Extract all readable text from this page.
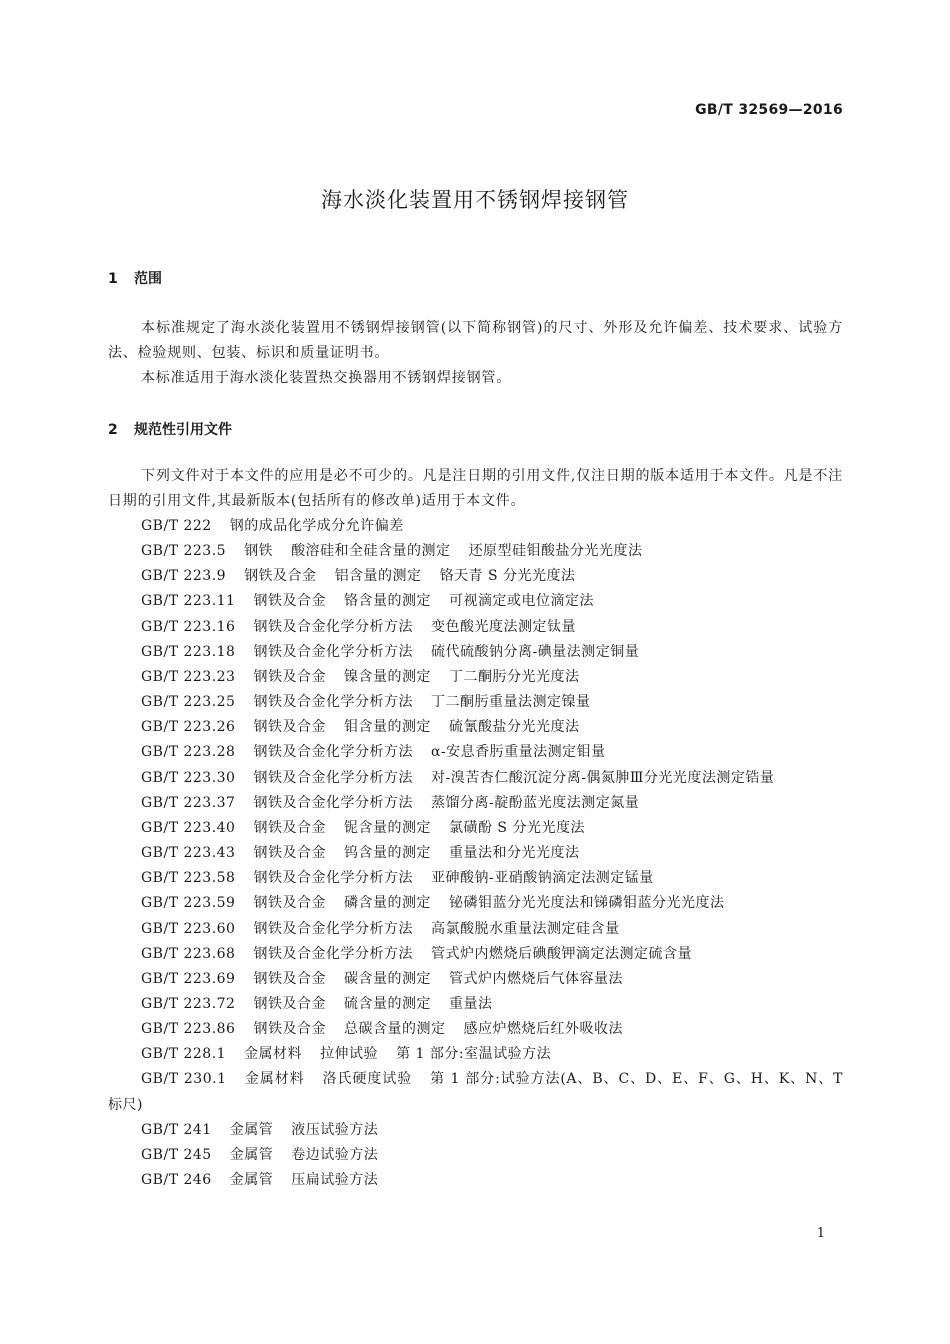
GB/T 32569—2016
海水淡化装置用不锈钢焊接钢管
1 范围

本标准规定了海水淡化装置用不锈钢焊接钢管(以下简称钢管)的尺寸、外形及允许偏差、技术要求、试验方法、检验规则、包装、标识和质量证明书。

本标准适用于海水淡化装置热交换器用不锈钢焊接钢管。

2 规范性引用文件

下列文件对于本文件的应用是必不可少的。凡是注日期的引用文件,仅注日期的版本适用于本文件。凡是不注日期的引用文件,其最新版本(包括所有的修改单)适用于本文件。

GB/T 222 钢的成品化学成分允许偏差
GB/T 223.5 钢铁 酸溶硅和全硅含量的测定 还原型硅钼酸盐分光光度法
GB/T 223.9 钢铁及合金 铝含量的测定 铬天青 S 分光光度法
GB/T 223.11 钢铁及合金 铬含量的测定 可视滴定或电位滴定法
GB/T 223.16 钢铁及合金化学分析方法 变色酸光度法测定钛量
GB/T 223.18 钢铁及合金化学分析方法 硫代硫酸钠分离-碘量法测定铜量
GB/T 223.23 钢铁及合金 镍含量的测定 丁二酮肟分光光度法
GB/T 223.25 钢铁及合金化学分析方法 丁二酮肟重量法测定镍量
GB/T 223.26 钢铁及合金 钼含量的测定 硫氰酸盐分光光度法
GB/T 223.28 钢铁及合金化学分析方法 α-安息香肟重量法测定钼量
GB/T 223.30 钢铁及合金化学分析方法 对-溴苦杏仁酸沉淀分离-偶氮胂Ⅲ分光光度法测定锆量
GB/T 223.37 钢铁及合金化学分析方法 蒸馏分离-靛酚蓝光度法测定氮量
GB/T 223.40 钢铁及合金 铌含量的测定 氯磺酚 S 分光光度法
GB/T 223.43 钢铁及合金 钨含量的测定 重量法和分光光度法
GB/T 223.58 钢铁及合金化学分析方法 亚砷酸钠-亚硝酸钠滴定法测定锰量
GB/T 223.59 钢铁及合金 磷含量的测定 铋磷钼蓝分光光度法和锑磷钼蓝分光光度法
GB/T 223.60 钢铁及合金化学分析方法 高氯酸脱水重量法测定硅含量
GB/T 223.68 钢铁及合金化学分析方法 管式炉内燃烧后碘酸钾滴定法测定硫含量
GB/T 223.69 钢铁及合金 碳含量的测定 管式炉内燃烧后气体容量法
GB/T 223.72 钢铁及合金 硫含量的测定 重量法
GB/T 223.86 钢铁及合金 总碳含量的测定 感应炉燃烧后红外吸收法
GB/T 228.1 金属材料 拉伸试验 第 1 部分:室温试验方法
GB/T 230.1 金属材料 洛氏硬度试验 第 1 部分:试验方法(A、B、C、D、E、F、G、H、K、N、T 标尺)
GB/T 241 金属管 液压试验方法
GB/T 245 金属管 卷边试验方法
GB/T 246 金属管 压扁试验方法
1
